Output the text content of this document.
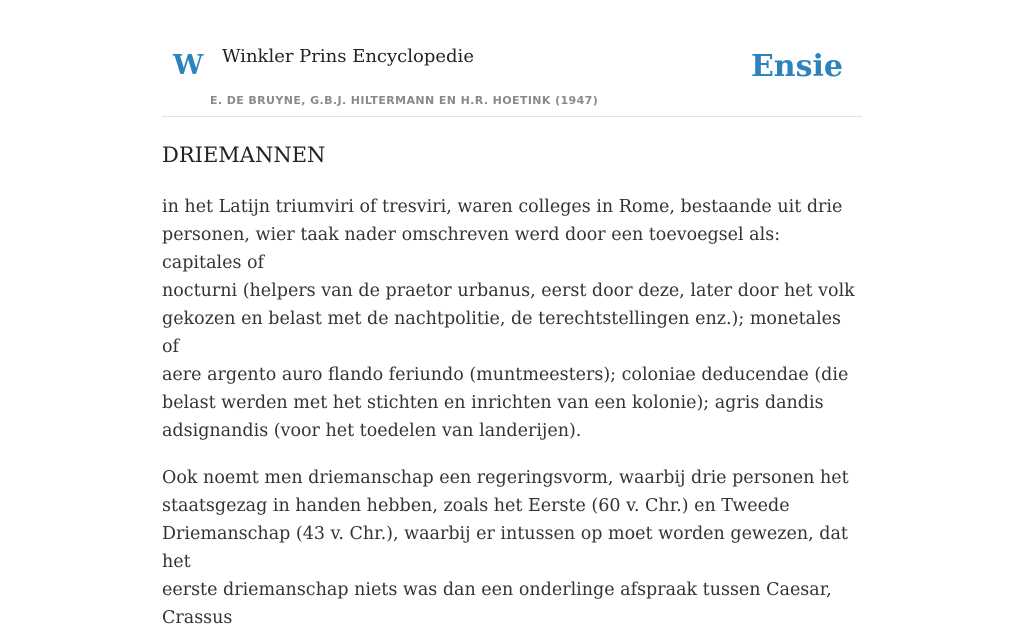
W Winkler Prins Encyclopedie
E. DE BRUYNE, G.B.J. HILTERMANN EN H.R. HOETINK (1947)
Ensie
DRIEMANNEN

in het Latijn triumviri of tresviri, waren colleges in Rome, bestaande uit drie
personen, wier taak nader omschreven werd door een toevoegsel als: capitales of
nocturni (helpers van de praetor urbanus, eerst door deze, later door het volk
gekozen en belast met de nachtpolitie, de terechtstellingen enz.); monetales of
aere argento auro flando feriundo (muntmeesters); coloniae deducendae (die
belast werden met het stichten en inrichten van een kolonie); agris dandis
adsignandis (voor het toedelen van landerijen).

Ook noemt men driemanschap een regeringsvorm, waarbij drie personen het
staatsgezag in handen hebben, zoals het Eerste (60 v. Chr.) en Tweede
Driemanschap (43 v. Chr.), waarbij er intussen op moet worden gewezen, dat het
eerste driemanschap niets was dan een onderlinge afspraak tussen Caesar, Crassus
